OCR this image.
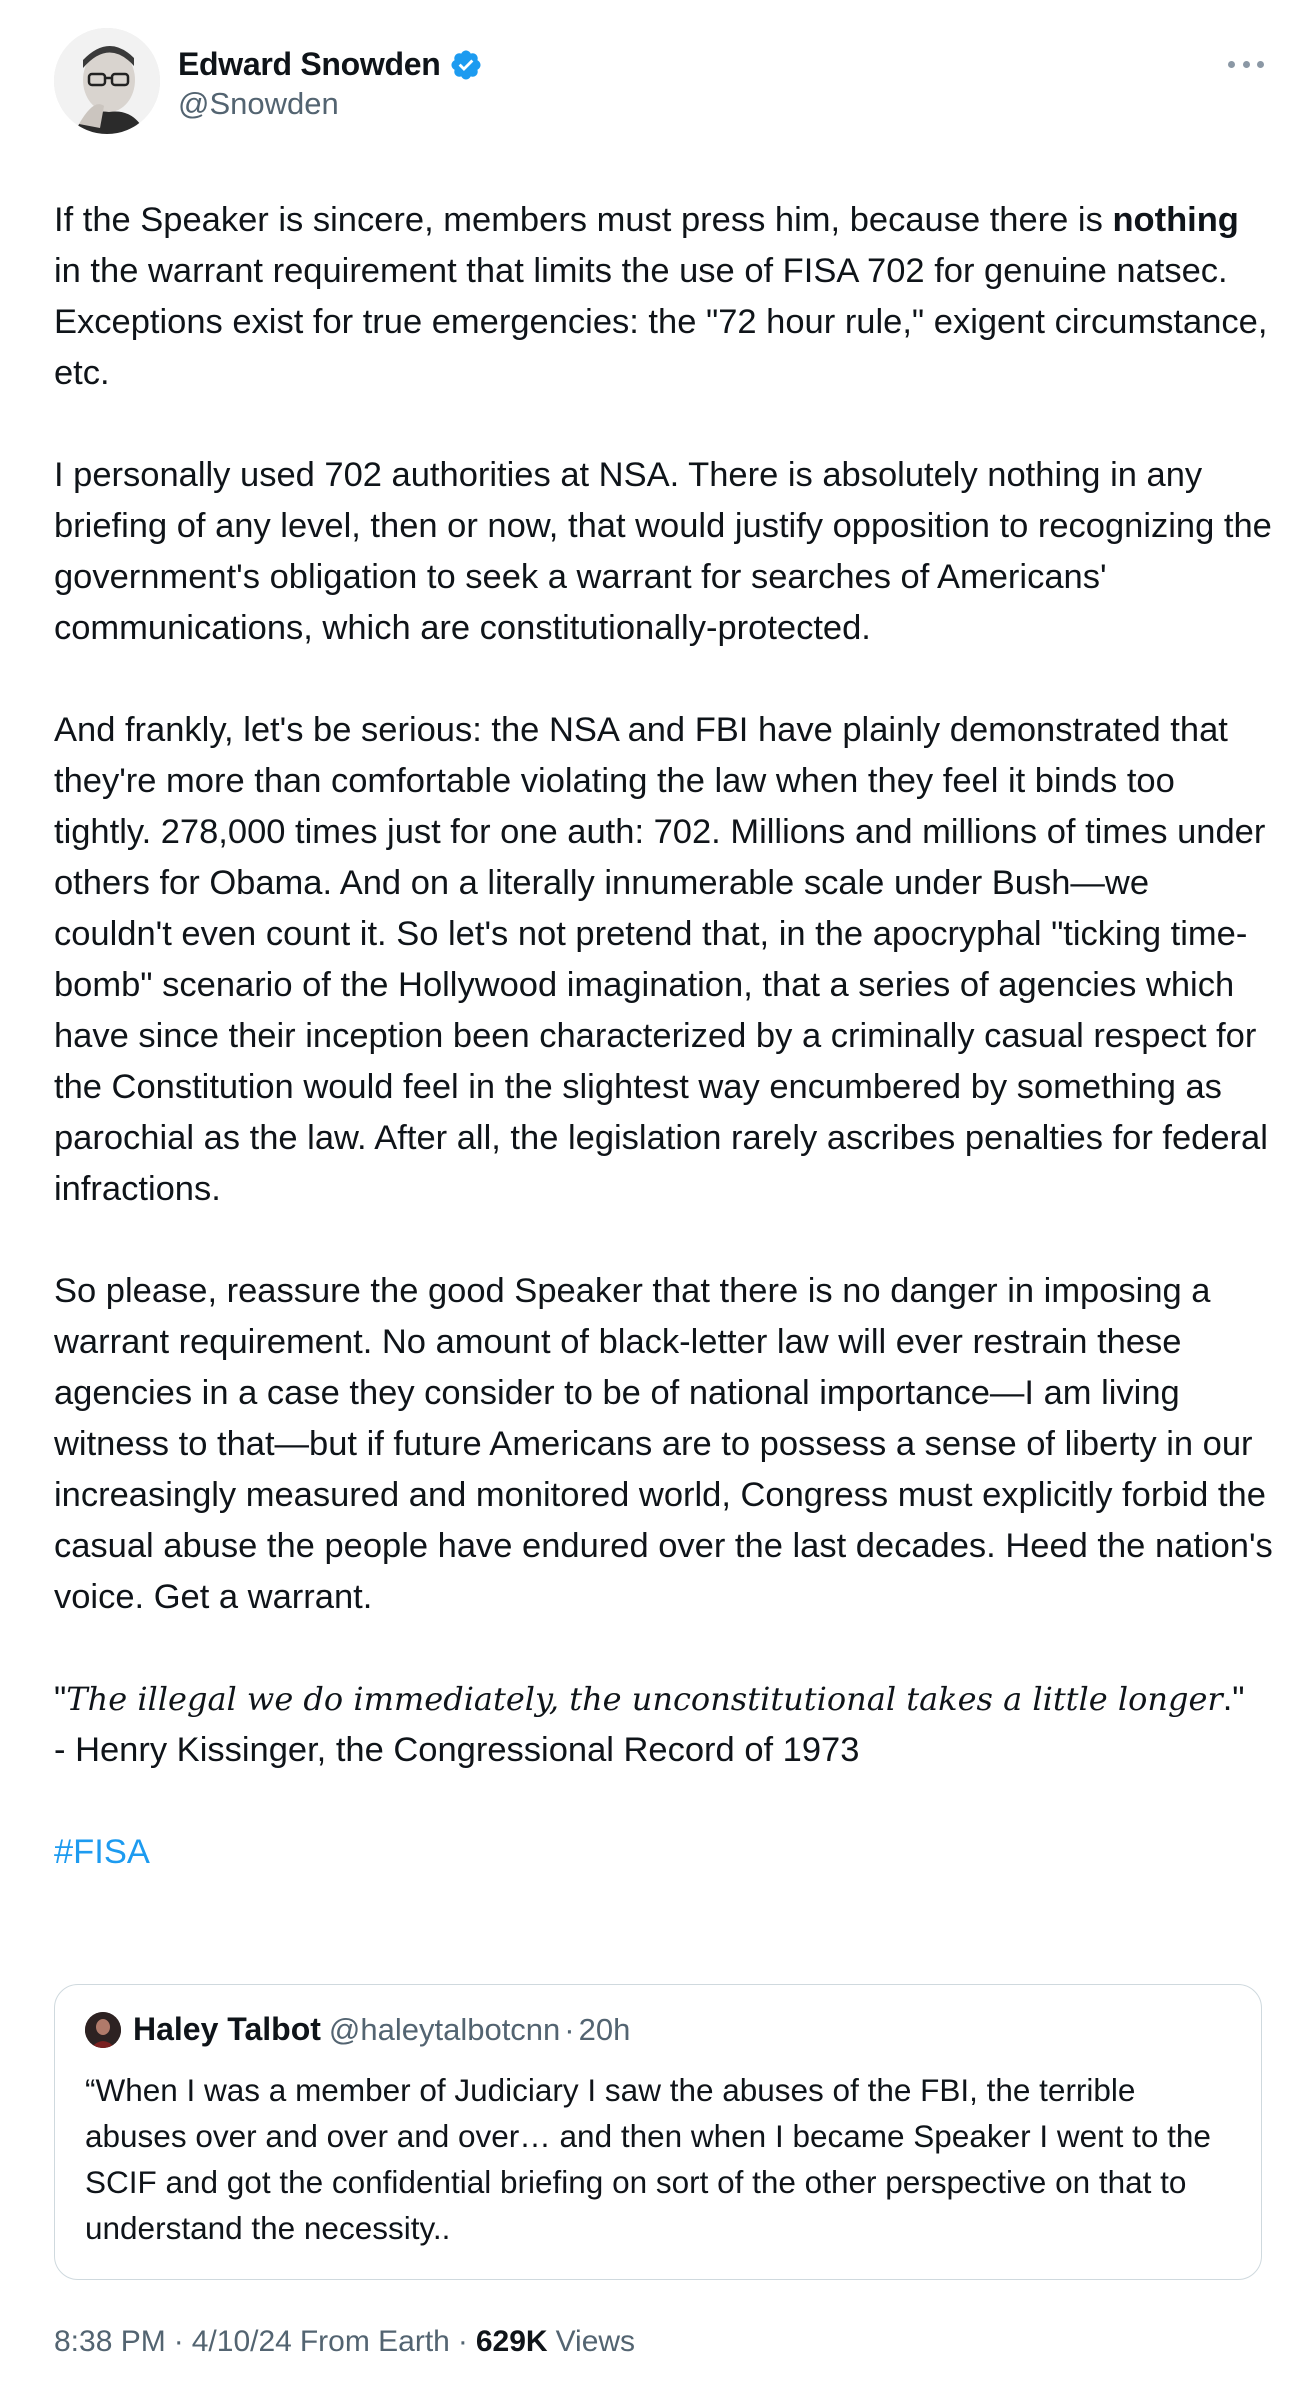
Edward Snowden
@Snowden

If the Speaker is sincere, members must press him, because there is nothing in the warrant requirement that limits the use of FISA 702 for genuine natsec. Exceptions exist for true emergencies: the "72 hour rule," exigent circumstance, etc.

I personally used 702 authorities at NSA. There is absolutely nothing in any briefing of any level, then or now, that would justify opposition to recognizing the government's obligation to seek a warrant for searches of Americans' communications, which are constitutionally-protected.

And frankly, let's be serious: the NSA and FBI have plainly demonstrated that they're more than comfortable violating the law when they feel it binds too tightly. 278,000 times just for one auth: 702. Millions and millions of times under others for Obama. And on a literally innumerable scale under Bush—we couldn't even count it. So let's not pretend that, in the apocryphal "ticking time-bomb" scenario of the Hollywood imagination, that a series of agencies which have since their inception been characterized by a criminally casual respect for the Constitution would feel in the slightest way encumbered by something as parochial as the law. After all, the legislation rarely ascribes penalties for federal infractions.

So please, reassure the good Speaker that there is no danger in imposing a warrant requirement. No amount of black-letter law will ever restrain these agencies in a case they consider to be of national importance—I am living witness to that—but if future Americans are to possess a sense of liberty in our increasingly measured and monitored world, Congress must explicitly forbid the casual abuse the people have endured over the last decades. Heed the nation's voice. Get a warrant.

"The illegal we do immediately, the unconstitutional takes a little longer."
- Henry Kissinger, the Congressional Record of 1973

#FISA

Haley Talbot @haleytalbotcnn · 20h
“When I was a member of Judiciary I saw the abuses of the FBI, the terrible abuses over and over and over… and then when I became Speaker I went to the SCIF and got the confidential briefing on sort of the other perspective on that to understand the necessity..
8:38 PM · 4/10/24 From Earth · 629K Views
